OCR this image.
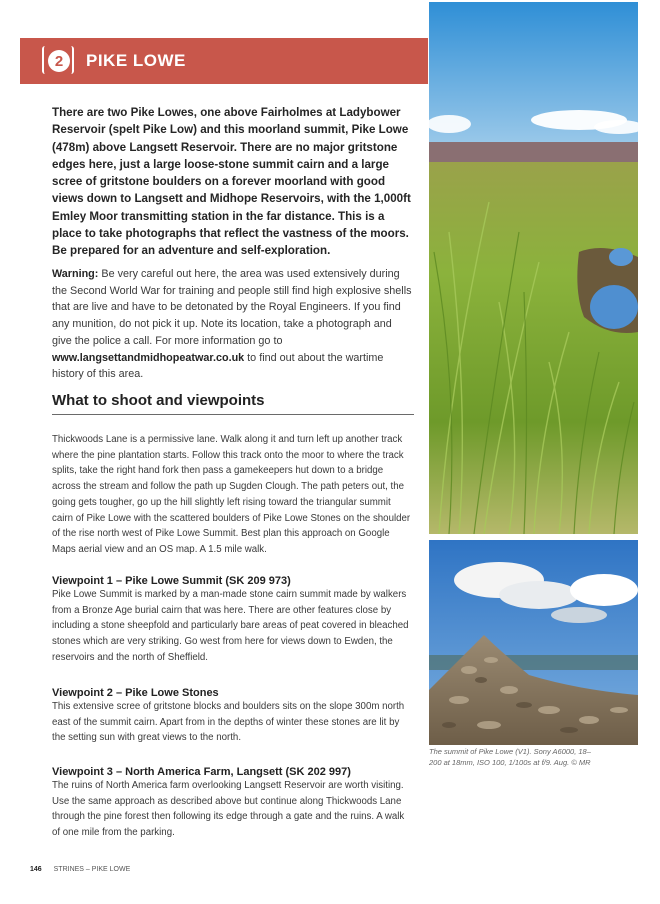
2	PIKE LOWE

There are two Pike Lowes, one above Fairholmes at Ladybower Reservoir (spelt Pike Low) and this moorland summit, Pike Lowe (478m) above Langsett Reservoir. There are no major gritstone edges here, just a large loose-stone summit cairn and a large scree of gritstone boulders on a forever moorland with good views down to Langsett and Midhope Reservoirs, with the 1,000ft Emley Moor transmitting station in the far distance. This is a place to take photographs that reflect the vastness of the moors. Be prepared for an adventure and self-exploration.

Warning: Be very careful out here, the area was used extensively during the Second World War for training and people still find high explosive shells that are live and have to be detonated by the Royal Engineers. If you find any munition, do not pick it up. Note its location, take a photograph and give the police a call. For more information go to www.langsettandmidhopeatwar.co.uk to find out about the wartime history of this area.

What to shoot and viewpoints

Thickwoods Lane is a permissive lane. Walk along it and turn left up another track where the pine plantation starts. Follow this track onto the moor to where the track splits, take the right hand fork then pass a gamekeepers hut down to a bridge across the stream and follow the path up Sugden Clough. The path peters out, the going gets tougher, go up the hill slightly left rising toward the triangular summit cairn of Pike Lowe with the scattered boulders of Pike Lowe Stones on the shoulder of the rise north west of Pike Lowe Summit. Best plan this approach on Google Maps aerial view and an OS map. A 1.5 mile walk.

Viewpoint 1 – Pike Lowe Summit (SK 209 973)

Pike Lowe Summit is marked by a man-made stone cairn summit made by walkers from a Bronze Age burial cairn that was here. There are other features close by including a stone sheepfold and particularly bare areas of peat covered in bleached stones which are very striking. Go west from here for views down to Ewden, the reservoirs and the north of Sheffield.

Viewpoint 2 – Pike Lowe Stones

This extensive scree of gritstone blocks and boulders sits on the slope 300m north east of the summit cairn. Apart from in the depths of winter these stones are lit by the setting sun with great views to the north.

Viewpoint 3 – North America Farm, Langsett (SK 202 997)

The ruins of North America farm overlooking Langsett Reservoir are worth visiting. Use the same approach as described above but continue along Thickwoods Lane through the pine forest then following its edge through a gate and the ruins. A walk of one mile from the parking.

The summit of Pike Lowe (V1). Sony A6000, 18–200 at 18mm, ISO 100, 1/100s at f/9. Aug. © MR
146 STRINES – PIKE LOWE
